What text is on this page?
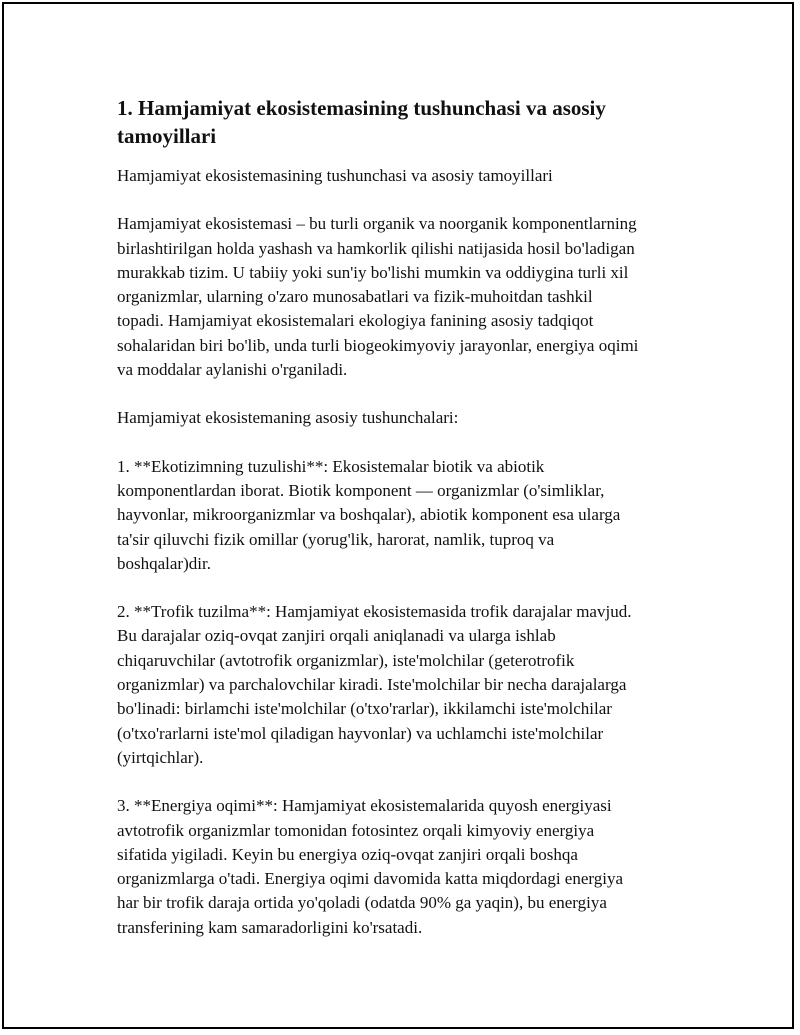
1. Hamjamiyat ekosistemasining tushunchasi va asosiy
tamoyillari

Hamjamiyat ekosistemasining tushunchasi va asosiy tamoyillari

Hamjamiyat ekosistemasi – bu turli organik va noorganik komponentlarning
birlashtirilgan holda yashash va hamkorlik qilishi natijasida hosil bo'ladigan
murakkab tizim. U tabiiy yoki sun'iy bo'lishi mumkin va oddiygina turli xil
organizmlar, ularning o'zaro munosabatlari va fizik-muhoitdan tashkil
topadi. Hamjamiyat ekosistemalari ekologiya fanining asosiy tadqiqot
sohalaridan biri bo'lib, unda turli biogeokimyoviy jarayonlar, energiya oqimi
va moddalar aylanishi o'rganiladi.

Hamjamiyat ekosistemaning asosiy tushunchalari:

1. **Ekotizimning tuzulishi**: Ekosistemalar biotik va abiotik
komponentlardan iborat. Biotik komponent — organizmlar (o'simliklar,
hayvonlar, mikroorganizmlar va boshqalar), abiotik komponent esa ularga
ta'sir qiluvchi fizik omillar (yorug'lik, harorat, namlik, tuproq va
boshqalar)dir.

2. **Trofik tuzilma**: Hamjamiyat ekosistemasida trofik darajalar mavjud.
Bu darajalar oziq-ovqat zanjiri orqali aniqlanadi va ularga ishlab
chiqaruvchilar (avtotrofik organizmlar), iste'molchilar (geterotrofik
organizmlar) va parchalovchilar kiradi. Iste'molchilar bir necha darajalarga
bo'linadi: birlamchi iste'molchilar (o'txo'rarlar), ikkilamchi iste'molchilar
(o'txo'rarlarni iste'mol qiladigan hayvonlar) va uchlamchi iste'molchilar
(yirtqichlar).

3. **Energiya oqimi**: Hamjamiyat ekosistemalarida quyosh energiyasi
avtotrofik organizmlar tomonidan fotosintez orqali kimyoviy energiya
sifatida yigiladi. Keyin bu energiya oziq-ovqat zanjiri orqali boshqa
organizmlarga o'tadi. Energiya oqimi davomida katta miqdordagi energiya
har bir trofik daraja ortida yo'qoladi (odatda 90% ga yaqin), bu energiya
transferining kam samaradorligini ko'rsatadi.
